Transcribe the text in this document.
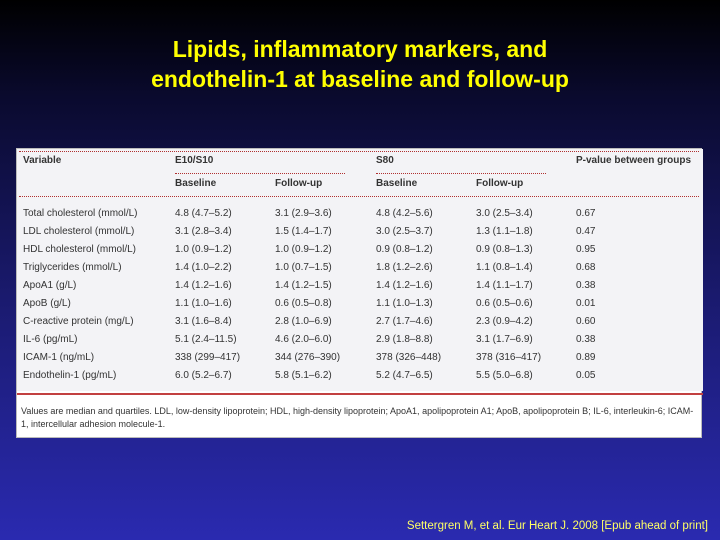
Lipids, inflammatory markers, and
endothelin-1 at baseline and follow-up
Variable	E10/S10	S80	P-value between groups
Baseline	Follow-up	Baseline	Follow-up
Total cholesterol (mmol/L)	4.8 (4.7–5.2)	3.1 (2.9–3.6)	4.8 (4.2–5.6)	3.0 (2.5–3.4)	0.67
LDL cholesterol (mmol/L)	3.1 (2.8–3.4)	1.5 (1.4–1.7)	3.0 (2.5–3.7)	1.3 (1.1–1.8)	0.47
HDL cholesterol (mmol/L)	1.0 (0.9–1.2)	1.0 (0.9–1.2)	0.9 (0.8–1.2)	0.9 (0.8–1.3)	0.95
Triglycerides (mmol/L)	1.4 (1.0–2.2)	1.0 (0.7–1.5)	1.8 (1.2–2.6)	1.1 (0.8–1.4)	0.68
ApoA1 (g/L)	1.4 (1.2–1.6)	1.4 (1.2–1.5)	1.4 (1.2–1.6)	1.4 (1.1–1.7)	0.38
ApoB (g/L)	1.1 (1.0–1.6)	0.6 (0.5–0.8)	1.1 (1.0–1.3)	0.6 (0.5–0.6)	0.01
C-reactive protein (mg/L)	3.1 (1.6–8.4)	2.8 (1.0–6.9)	2.7 (1.7–4.6)	2.3 (0.9–4.2)	0.60
IL-6 (pg/mL)	5.1 (2.4–11.5)	4.6 (2.0–6.0)	2.9 (1.8–8.8)	3.1 (1.7–6.9)	0.38
ICAM-1 (ng/mL)	338 (299–417)	344 (276–390)	378 (326–448)	378 (316–417)	0.89
Endothelin-1 (pg/mL)	6.0 (5.2–6.7)	5.8 (5.1–6.2)	5.2 (4.7–6.5)	5.5 (5.0–6.8)	0.05
Values are median and quartiles. LDL, low-density lipoprotein; HDL, high-density lipoprotein; ApoA1, apolipoprotein A1; ApoB, apolipoprotein B; IL-6, interleukin-6; ICAM-1, intercellular adhesion molecule-1.
Settergren M, et al. Eur Heart J. 2008 [Epub ahead of print]
